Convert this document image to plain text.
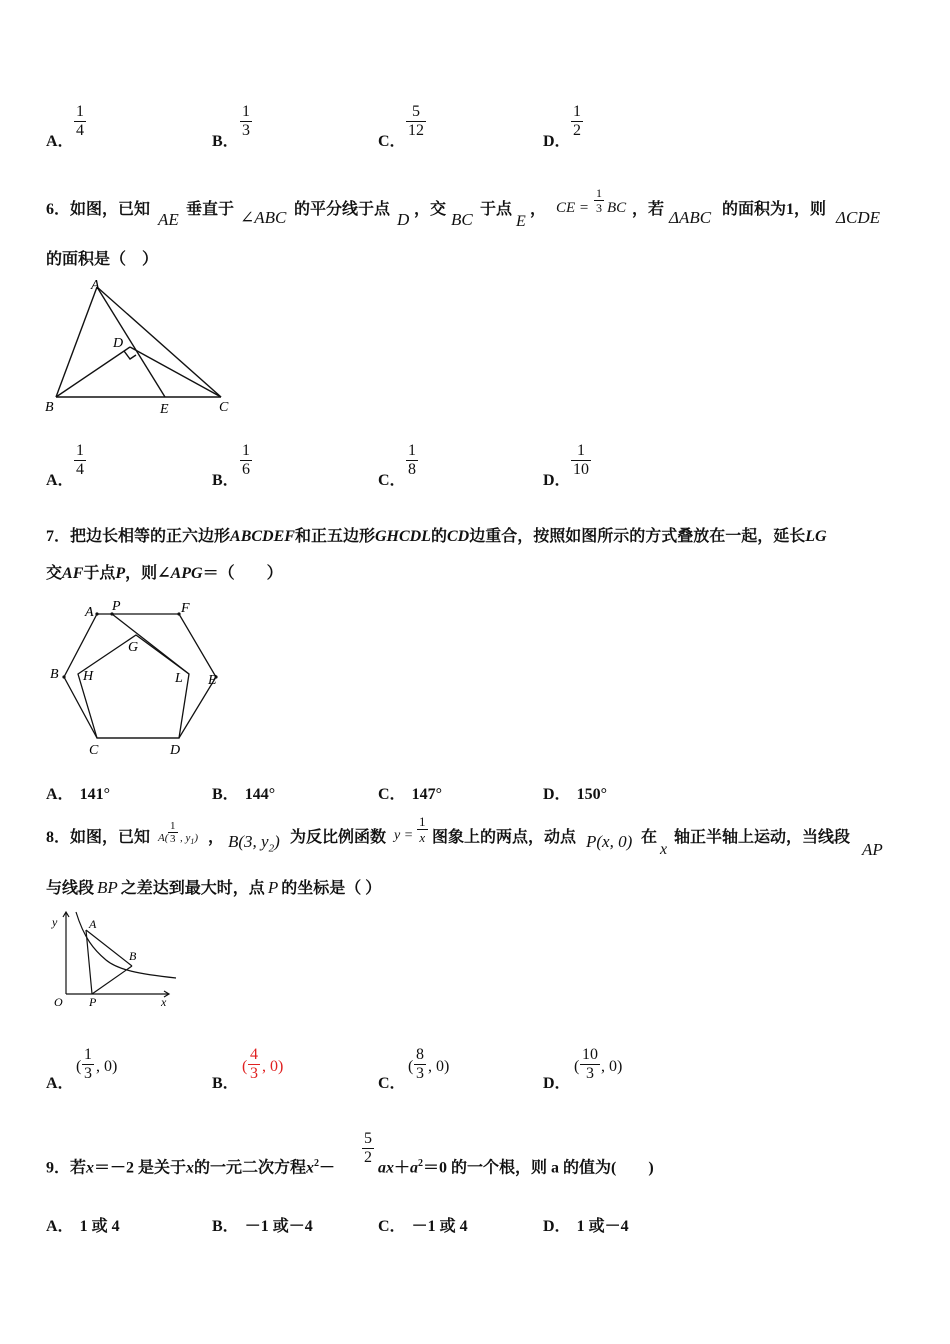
A．
1
4
B．
1
3
C．
5
12
D．
1
2
6．如图，已知
AE
垂直于 ∠ABC 的平分线于点
D
，交
BC
于点
E
， CE =
1
3 BC ，若 ΔABC 的面积为1，则 ΔCDE
的面积是（　）
A
B	C
D
E
A．
1
4
B．
1
6
C．
1
8
D．
1
10
7．把边长相等的正六边形ABCDEF和正五边形GHCDL的CD边重合，按照如图所示的方式叠放在一起，延长LG
交AF于点P，则∠APG＝（　　）
A P	F
G
B H	L E
C	D
A． 141°	B． 144°	C． 147°	D． 150°
8．如图，已知 A(
1
3 , $y_1$) ， B(3, $y_2$) 为反比例函数 y =
1
x 图象上的两点，动点 P(x, 0) 在
x
轴正半轴上运动，当线段
AP
与线段 BP 之差达到最大时，点 P 的坐标是（ ）
y	A
B
O P	x
A．
(
1
3 , 0)
B．
(
4
3 , 0)
C．
(
8
3 , 0)
D．
(
10
3 , 0)
9．若x＝－2 是关于x的一元二次方程$x^2-$
5
2
$ax+a^2=0$ 的一个根，则 a 的值为(　　)
A． 1 或 4	B． －1 或－4	C． －1 或 4	D． 1 或－4
